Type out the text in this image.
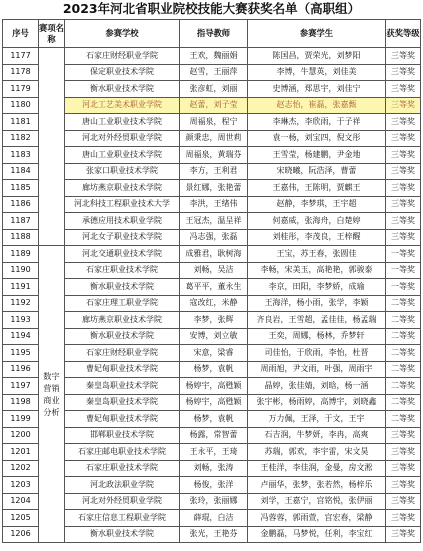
2023年河北省职业院校技能大赛获奖名单（高职组）
序号	赛项名称	参赛学校	指导教师	参赛学生	获奖等级
1177		石家庄财经职业学院	王欢，魏丽娟	陈国昌，贾荣光，刘梦阳	三等奖
1178		保定职业技术学院	赵雪，王丽萍	李博，牛慧英，刘佳美	三等奖
1179		衡水职业技术学院	张彦虹，刘丽	史博涵，郑思宇，刘佳宁	三等奖
1180		河北工艺美术职业学院	赵蕾，刘子莹	赵志怡，崔磊，张嘉甄	三等奖
1181		唐山工业职业技术学院	周福泉，程宁	李琳杰，李欣雨，于子祥	三等奖
1182		河北对外经贸职业学院	颜秉忠，周世莉	袁一杨，刘宝四，倪文彤	三等奖
1183		唐山工业职业技术学院	周福泉，黄瑞芬	王雪莹，杨建鹏，尹金地	三等奖
1184		张家口职业技术学院	李方，王利君	宋晓曦，阮浩泽，曹蕾	三等奖
1185		廊坊燕京职业技术学院	景红娜，张艳蕾	王嘉伟，王陈明，贾麒王	三等奖
1186		河北科技工程职业技术大学	李洪，王绪伟	赵静，李梦琪，王宇超	三等奖
1187		承德应用技术职业学院	王冠杰，温呈祥	何嘉威，张海舟，白楚婷	三等奖
1188		河北女子职业技术学院	冯志强，张磊	刘桂彤，李茂良，王梓醒	三等奖
1189	数字营销商业分析	河北交通职业技术学院	成雅君，耿树海	王宝，苏王春，张圆佳	一等奖
1190		石家庄职业技术学院	刘畅，吴洁	李畅，宋美玉，高艳艳，郭骏泰	一等奖
1191		衡水职业技术学院	葛平平，董永生	李京，田阳，李梦娇，成瑜	一等奖
1192		石家庄理工职业学院	寇改红，米静	王海洋，杨小雨，张学，李颖	二等奖
1193		廊坊燕京职业技术学院	李梦，张辉	齐良岩，王雪超，孟佳佳，杨孟瑞	二等奖
1194		衡水职业技术学院	安博，刘立敏	王奕，周娜，杨林，乔梦轩	二等奖
1195		石家庄财经职业学院	宋意，梁睿	司佳怡，于欣雨，李怡，杜晋	二等奖
1196		曹妃甸职业技术学院	杨梦，袁帆	周雨旭，尹文雨，叶强，周雨宇	二等奖
1197		秦皇岛职业技术学院	杨婷宇，高甦颖	晶婷，张佳婧，刘晗，杨一涵	二等奖
1198		秦皇岛职业技术学院	杨婷宇，高甦颖	张宇彬，杨雨婷，高博宇，刘晓鑫	二等奖
1199		曹妃甸职业技术学院	杨梦，袁帆	万力佩，王泽，于文，王宇	二等奖
1200		邯郸职业技术学院	杨露，常智蕾	石吉润，牛梦妍，李冉，高爽	三等奖
1201		石家庄邮电职业技术学院	王永平，王琦	苏瑞，郭欢，李宇雷，宋文昊	三等奖
1202		石家庄职业技术学院	刘畅，张涛	王桂洋，李佳润，金曼，房文淞	三等奖
1203		河北政法职业学院	杨俊，张洋	卢丽华，张梦，张若然，杨梓乐	三等奖
1204		河北对外经贸职业学院	张玲，张丽娜	刘学，王嘉宁，宫铭悦，张伊丽	三等奖
1205		石家庄信息工程职业学院	薛琨，白洁	冯蓉蓉，郭雨萱，宫宏春，梁静	三等奖
1206		衡水职业技术学院	张光，王艳芬	金鹏磊，马梦悦，任利，李宝红	三等奖
